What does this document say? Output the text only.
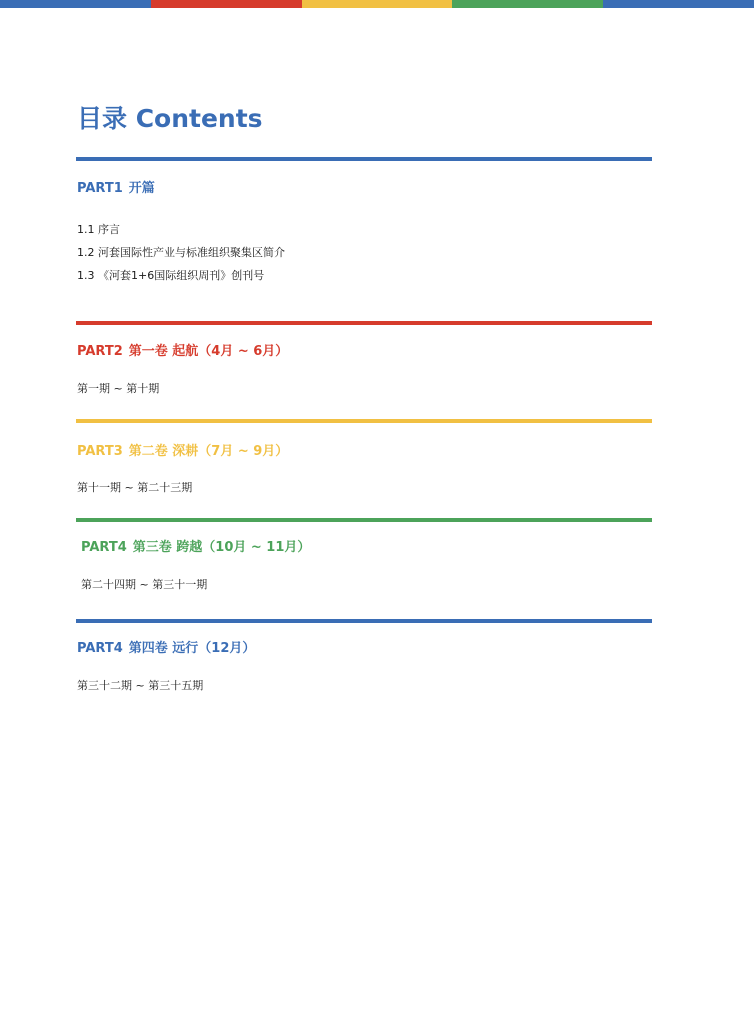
目录 Contents
PART1 开篇
1.1 序言
1.2 河套国际性产业与标准组织聚集区简介
1.3 《河套1+6国际组织周刊》创刊号
PART2 第一卷 起航（4月 ~ 6月）
第一期 ~ 第十期
PART3 第二卷 深耕（7月 ~ 9月）
第十一期 ~ 第二十三期
PART4 第三卷 跨越（10月 ~ 11月）
第二十四期 ~ 第三十一期
PART4 第四卷 远行（12月）
第三十二期 ~ 第三十五期
